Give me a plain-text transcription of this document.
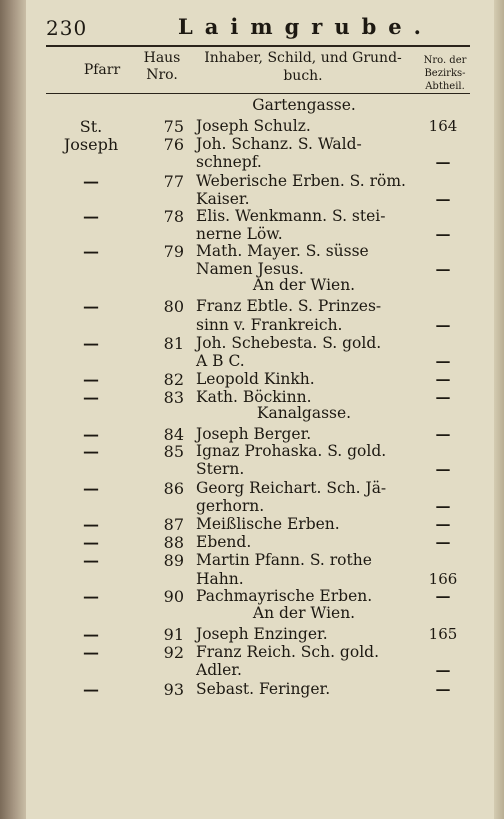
230	Laimgrube.
Pfarr
Haus
Nro.
Inhaber, Schild, und Grund-
buch.
Nro. der
Bezirks-
Abtheil.
Gartengasse.
An der Wien.
Kanalgasse.
An der Wien.
St.	75 Joseph Schulz.	164
Joseph	76 Joh. Schanz. S. Wald-
schnepf.	—
—	77 Weberische Erben. S. röm.
Kaiser.	—
—	78 Elis. Wenkmann. S. stei-
nerne Löw.	—
—	79 Math. Mayer. S. süsse
Namen Jesus.	—
—	80 Franz Ebtle. S. Prinzes-
sinn v. Frankreich.	—
—	81 Joh. Schebesta. S. gold.
A B C.	—
—	82 Leopold Kinkh.	—
—	83 Kath. Böckinn.	—
—	84 Joseph Berger.	—
—	85 Ignaz Prohaska. S. gold.
Stern.	—
—	86 Georg Reichart. Sch. Jä-
gerhorn.	—
—	87 Meißlische Erben.	—
—	88 Ebend.	—
—	89 Martin Pfann. S. rothe
Hahn.	166
—	90 Pachmayrische Erben.	—
—	91 Joseph Enzinger.	165
—	92 Franz Reich. Sch. gold.
Adler.	—
—	93 Sebast. Feringer.	—
